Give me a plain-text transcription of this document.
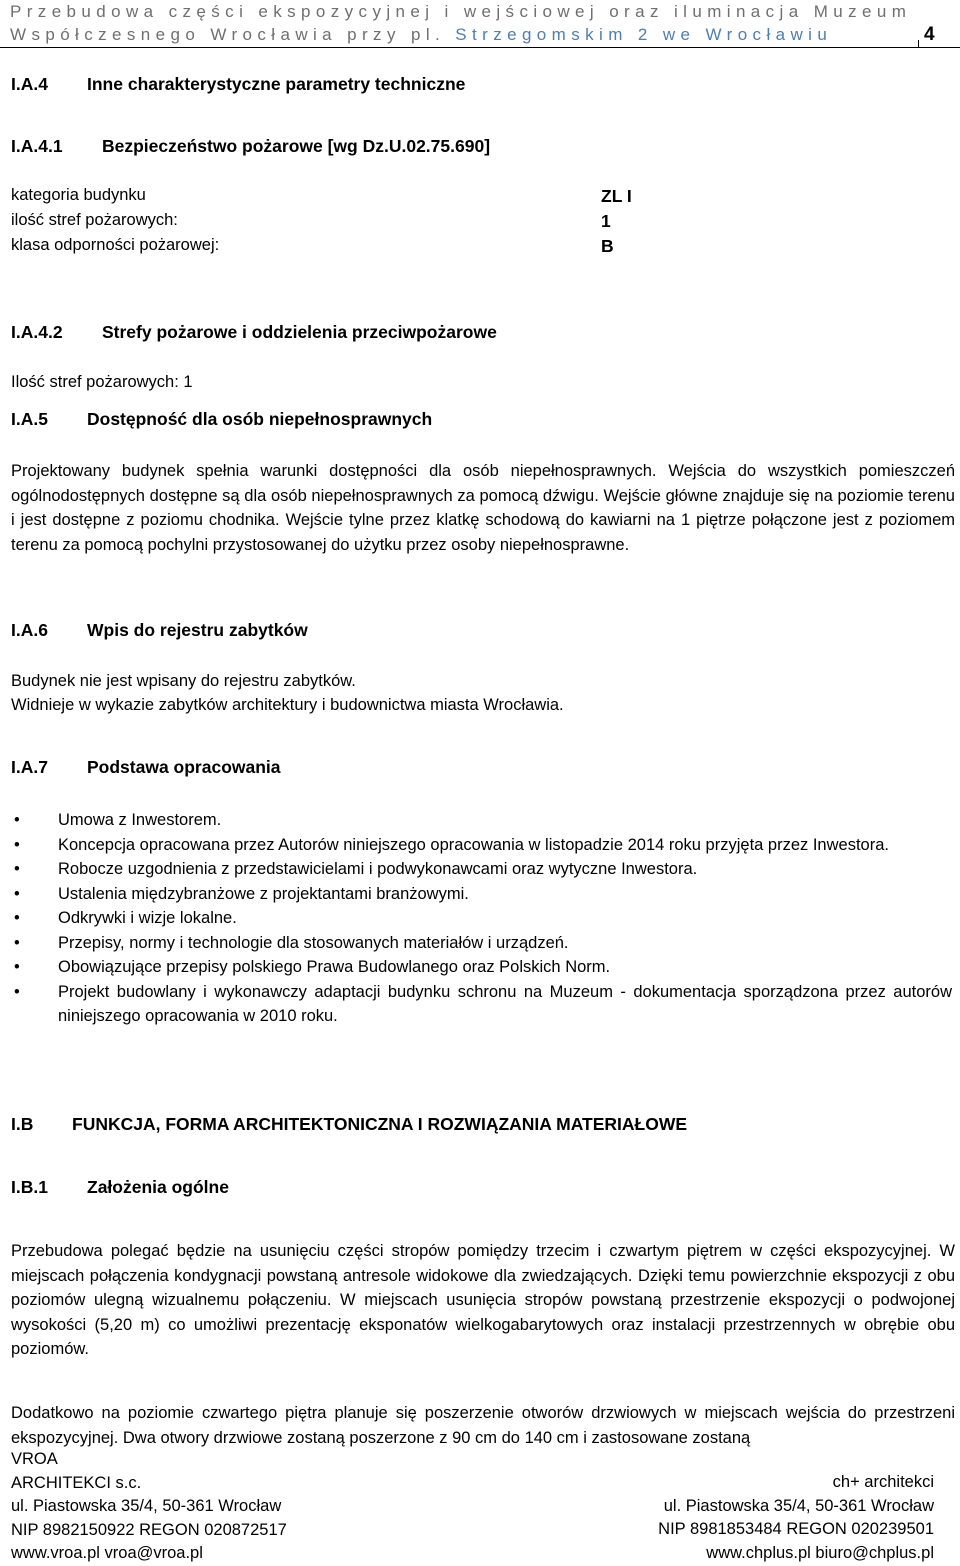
Przebudowa części ekspozycyjnej i wejściowej oraz iluminacja Muzeum
Współczesnego Wrocławia przy pl. Strzegomskim 2 we Wrocławiu	4
I.A.4 Inne charakterystyczne parametry techniczne
I.A.4.1 Bezpieczeństwo pożarowe [wg Dz.U.02.75.690]
kategoria budynku	ZL I
ilość stref pożarowych:	1
klasa odporności pożarowej:	B
I.A.4.2 Strefy pożarowe i oddzielenia przeciwpożarowe
Ilość stref pożarowych: 1
I.A.5 Dostępność dla osób niepełnosprawnych

Projektowany budynek spełnia warunki dostępności dla osób niepełnosprawnych. Wejścia do wszystkich pomieszczeń ogólnodostępnych dostępne są dla osób niepełnosprawnych za pomocą dźwigu. Wejście główne znajduje się na poziomie terenu i jest dostępne z poziomu chodnika. Wejście tylne przez klatkę schodową do kawiarni na 1 piętrze połączone jest z poziomem terenu za pomocą pochylni przystosowanej do użytku przez osoby niepełnosprawne.

I.A.6 Wpis do rejestru zabytków
Budynek nie jest wpisany do rejestru zabytków.
Widnieje w wykazie zabytków architektury i budownictwa miasta Wrocławia.
I.A.7 Podstawa opracowania
• Umowa z Inwestorem.
• Koncepcja opracowana przez Autorów niniejszego opracowania w listopadzie 2014 roku przyjęta przez Inwestora.
• Robocze uzgodnienia z przedstawicielami i podwykonawcami oraz wytyczne Inwestora.
• Ustalenia międzybranżowe z projektantami branżowymi.
• Odkrywki i wizje lokalne.
• Przepisy, normy i technologie dla stosowanych materiałów i urządzeń.
• Obowiązujące przepisy polskiego Prawa Budowlanego oraz Polskich Norm.
• Projekt budowlany i wykonawczy adaptacji budynku schronu na Muzeum - dokumentacja sporządzona przez autorów niniejszego opracowania w 2010 roku.
I.B FUNKCJA, FORMA ARCHITEKTONICZNA I ROZWIĄZANIA MATERIAŁOWE
I.B.1 Założenia ogólne

Przebudowa polegać będzie na usunięciu części stropów pomiędzy trzecim i czwartym piętrem w części ekspozycyjnej. W miejscach połączenia kondygnacji powstaną antresole widokowe dla zwiedzających. Dzięki temu powierzchnie ekspozycji z obu poziomów ulegną wizualnemu połączeniu. W miejscach usunięcia stropów powstaną przestrzenie ekspozycji o podwojonej wysokości (5,20 m) co umożliwi prezentację eksponatów wielkogabarytowych oraz instalacji przestrzennych w obrębie obu poziomów.

Dodatkowo na poziomie czwartego piętra planuje się poszerzenie otworów drzwiowych w miejscach wejścia do przestrzeni ekspozycyjnej. Dwa otwory drzwiowe zostaną poszerzone z 90 cm do 140 cm i zastosowane zostaną

VROA
ARCHITEKCI s.c.
ul. Piastowska 35/4, 50-361 Wrocław
NIP 8982150922 REGON 020872517
www.vroa.pl vroa@vroa.pl
ch+ architekci
ul. Piastowska 35/4, 50-361 Wrocław
NIP 8981853484 REGON 020239501
www.chplus.pl biuro@chplus.pl
